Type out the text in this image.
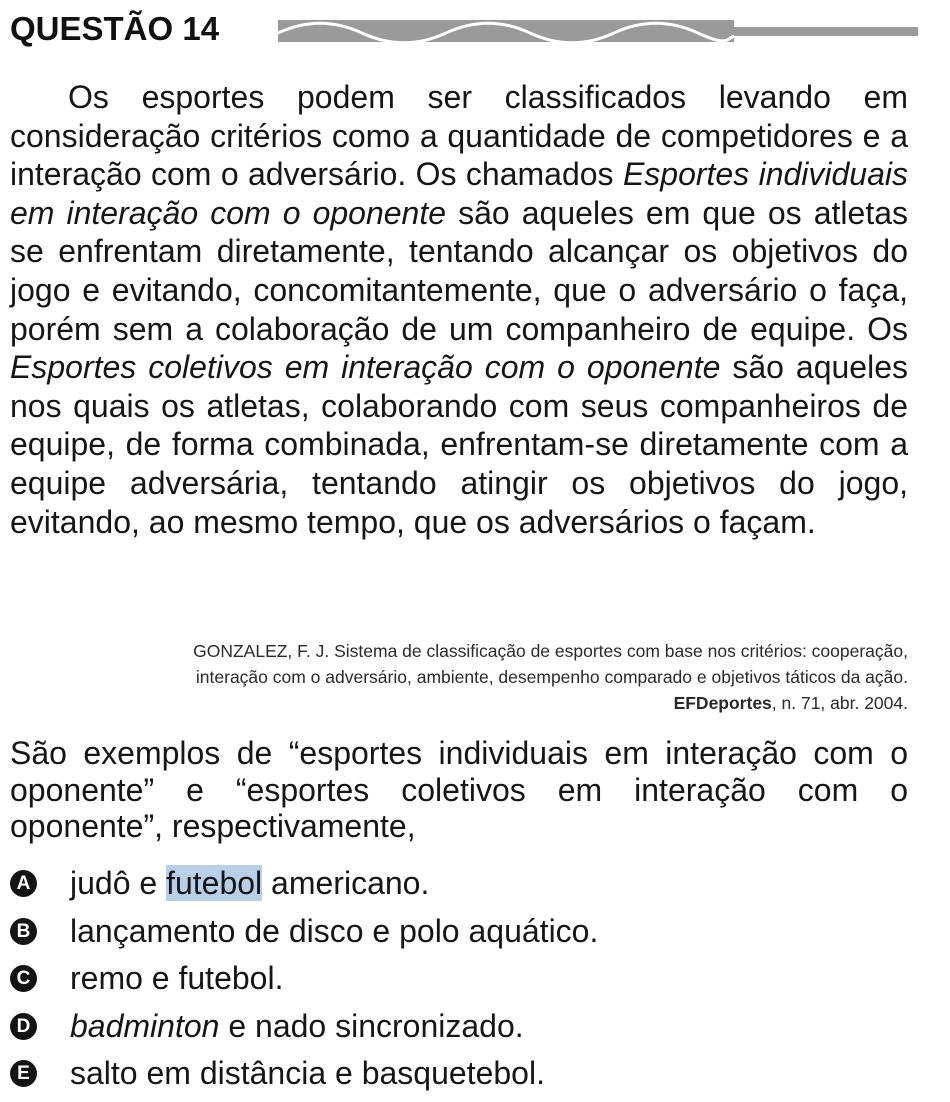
QUESTÃO 14
Os esportes podem ser classificados levando em consideração critérios como a quantidade de competidores e a interação com o adversário. Os chamados Esportes individuais em interação com o oponente são aqueles em que os atletas se enfrentam diretamente, tentando alcançar os objetivos do jogo e evitando, concomitantemente, que o adversário o faça, porém sem a colaboração de um companheiro de equipe. Os Esportes coletivos em interação com o oponente são aqueles nos quais os atletas, colaborando com seus companheiros de equipe, de forma combinada, enfrentam-se diretamente com a equipe adversária, tentando atingir os objetivos do jogo, evitando, ao mesmo tempo, que os adversários o façam.
GONZALEZ, F. J. Sistema de classificação de esportes com base nos critérios: cooperação,
interação com o adversário, ambiente, desempenho comparado e objetivos táticos da ação.
EFDeportes, n. 71, abr. 2004.
São exemplos de “esportes individuais em interação com o oponente” e “esportes coletivos em interação com o oponente”, respectivamente,
A judô e futebol americano.
B lançamento de disco e polo aquático.
C remo e futebol.
D badminton e nado sincronizado.
E salto em distância e basquetebol.
